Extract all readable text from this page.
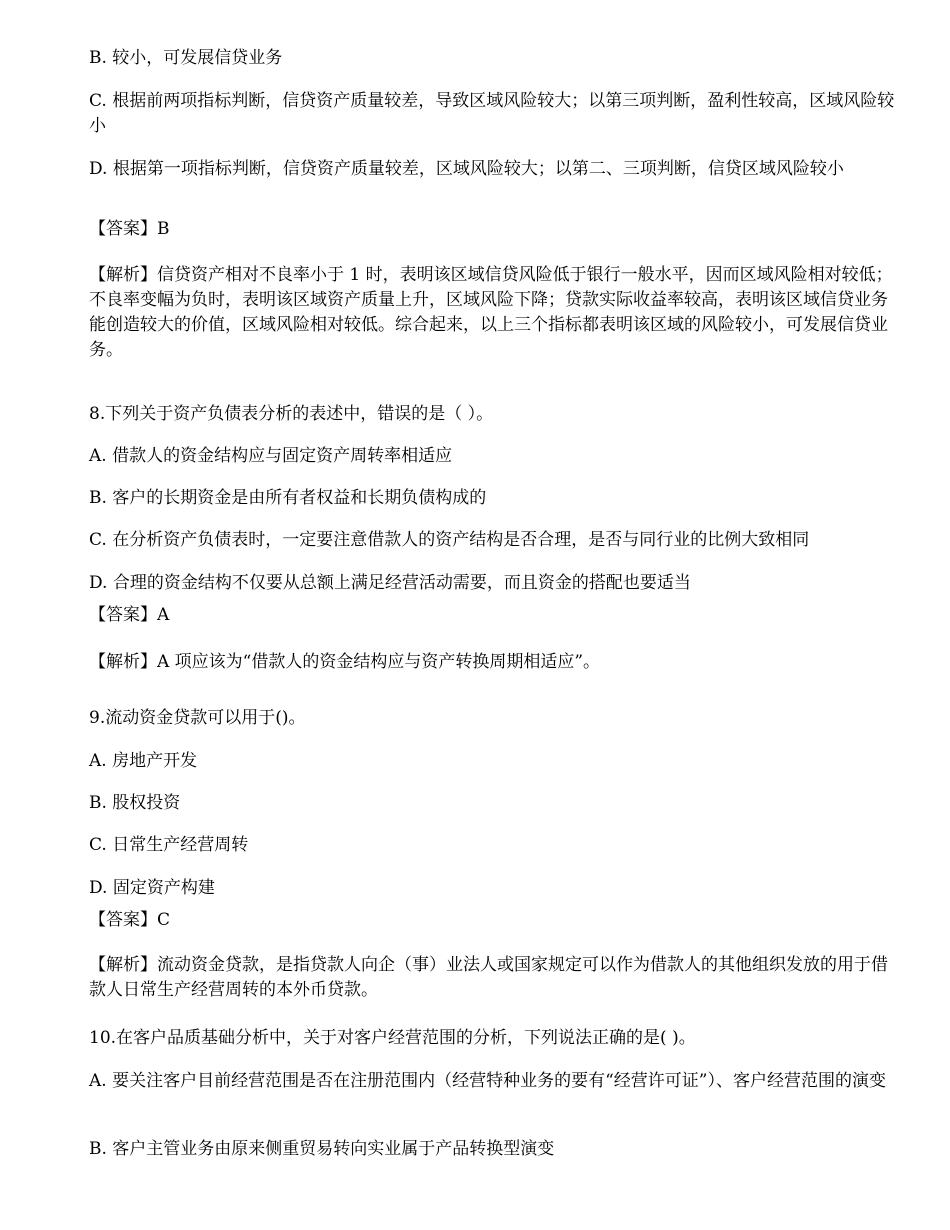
B. 较小，可发展信贷业务
C. 根据前两项指标判断，信贷资产质量较差，导致区域风险较大；以第三项判断，盈利性较高，区域风险较小
D. 根据第一项指标判断，信贷资产质量较差，区域风险较大；以第二、三项判断，信贷区域风险较小
【答案】B
【解析】信贷资产相对不良率小于 1 时，表明该区域信贷风险低于银行一般水平，因而区域风险相对较低；不良率变幅为负时，表明该区域资产质量上升，区域风险下降；贷款实际收益率较高，表明该区域信贷业务能创造较大的价值，区域风险相对较低。综合起来，以上三个指标都表明该区域的风险较小，可发展信贷业务。
8.下列关于资产负债表分析的表述中，错误的是（ ）。
A. 借款人的资金结构应与固定资产周转率相适应
B. 客户的长期资金是由所有者权益和长期负债构成的
C. 在分析资产负债表时，一定要注意借款人的资产结构是否合理，是否与同行业的比例大致相同
D. 合理的资金结构不仅要从总额上满足经营活动需要，而且资金的搭配也要适当
【答案】A
【解析】A 项应该为“借款人的资金结构应与资产转换周期相适应”。
9.流动资金贷款可以用于()。
A. 房地产开发
B. 股权投资
C. 日常生产经营周转
D. 固定资产构建
【答案】C
【解析】流动资金贷款，是指贷款人向企（事）业法人或国家规定可以作为借款人的其他组织发放的用于借款人日常生产经营周转的本外币贷款。
10.在客户品质基础分析中，关于对客户经营范围的分析，下列说法正确的是( )。
A. 要关注客户目前经营范围是否在注册范围内（经营特种业务的要有“经营许可证”）、客户经营范围的演变
B. 客户主管业务由原来侧重贸易转向实业属于产品转换型演变
